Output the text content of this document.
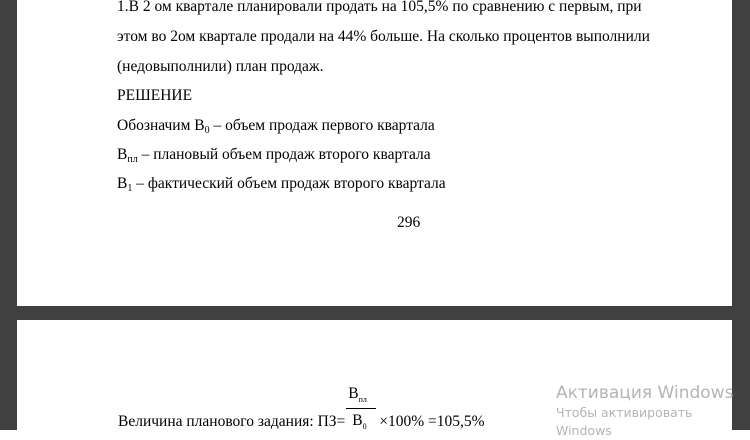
1.В 2 ом квартале планировали продать на 105,5% по сравнению с первым, при
этом во 2ом квартале продали на 44% больше. На сколько процентов выполнили
(недовыполнили) план продаж.
РЕШЕНИЕ
Обозначим $В_0$ – объем продаж первого квартала
$В_{пл}$ – плановый объем продаж второго квартала
$В_1$ – фактический объем продаж второго квартала
296
Величина планового задания: $ПЗ= \frac{В_{пл}}{В_0} \times 100\% =105,5\%$
Активация Windows
Чтобы активировать Windows
